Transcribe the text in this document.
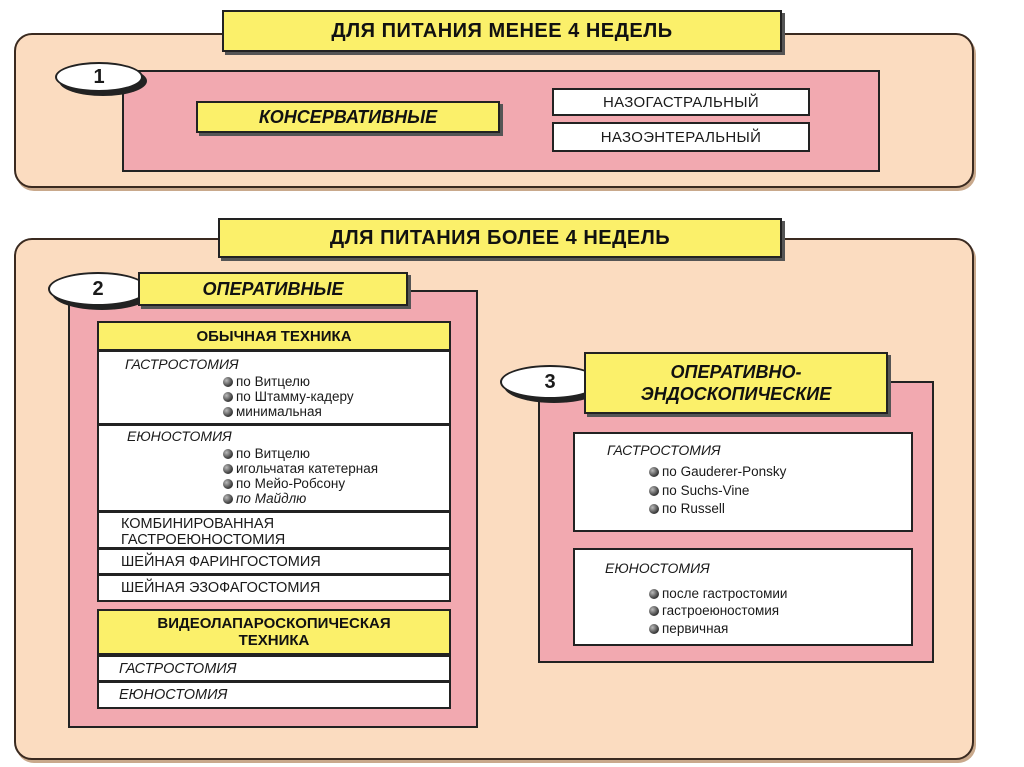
ДЛЯ ПИТАНИЯ МЕНЕЕ 4 НЕДЕЛЬ
1
КОНСЕРВАТИВНЫЕ
НАЗОГАСТРАЛЬНЫЙ
НАЗОЭНТЕРАЛЬНЫЙ
ДЛЯ ПИТАНИЯ БОЛЕЕ 4 НЕДЕЛЬ
2	ОПЕРАТИВНЫЕ
ОБЫЧНАЯ ТЕХНИКА
ГАСТРОСТОМИЯ
по Витцелю
по Штамму-кадеру
минимальная
ЕЮНОСТОМИЯ
по Витцелю
игольчатая катетерная
по Мейо-Робсону
по Майдлю
КОМБИНИРОВАННАЯ
ГАСТРОЕЮНОСТОМИЯ
ШЕЙНАЯ ФАРИНГОСТОМИЯ
ШЕЙНАЯ ЭЗОФАГОСТОМИЯ
ВИДЕОЛАПАРОСКОПИЧЕСКАЯ
ТЕХНИКА
ГАСТРОСТОМИЯ
ЕЮНОСТОМИЯ
3	ОПЕРАТИВНО-
ЭНДОСКОПИЧЕСКИЕ
ГАСТРОСТОМИЯ
по Gauderer-Ponsky
по Suchs-Vine
по Russell
ЕЮНОСТОМИЯ
после гастростомии
гастроеюностомия
первичная
